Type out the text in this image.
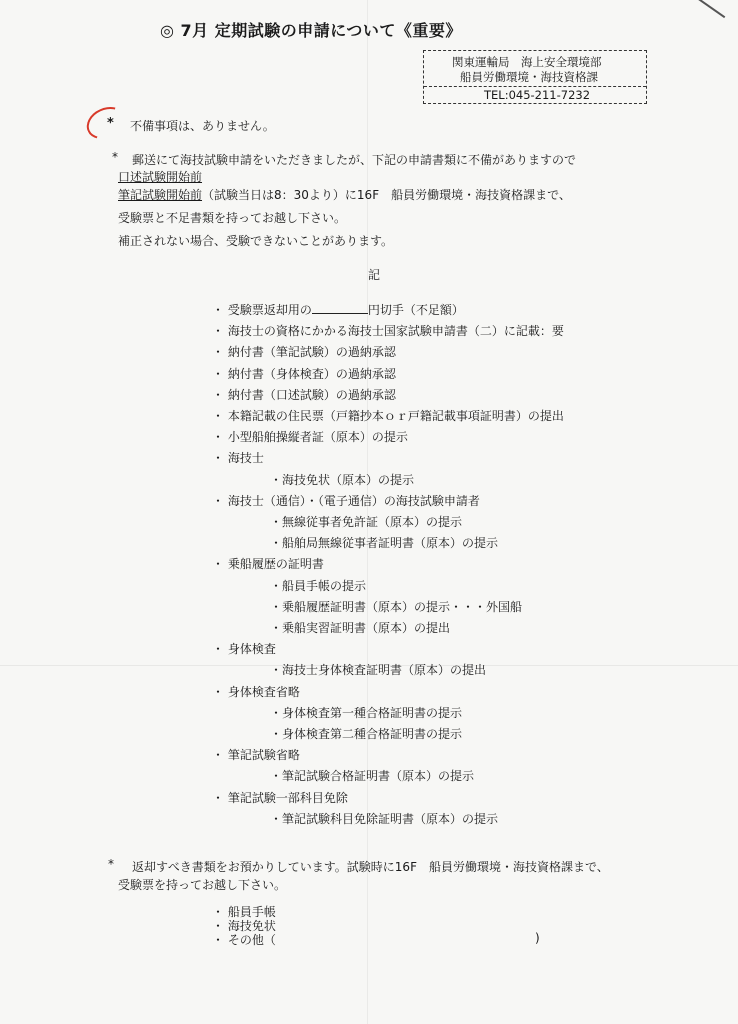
◎ 7月 定期試験の申請について《重要》
関東運輸局　海上安全環境部
船員労働環境・海技資格課
TEL:045-211-7232
* 不備事項は、ありません。
* 郵送にて海技試験申請をいただきましたが、下記の申請書類に不備がありますので
口述試験開始前
筆記試験開始前（試験当日は8：30より）に16F　船員労働環境・海技資格課まで、
受験票と不足書類を持ってお越し下さい。
補正されない場合、受験できないことがあります。
記
・ 受験票返却用の	円切手（不足額）
・ 海技士の資格にかかる海技士国家試験申請書（二）に記載：要
・ 納付書（筆記試験）の過納承認
・ 納付書（身体検査）の過納承認
・ 納付書（口述試験）の過納承認
・ 本籍記載の住民票（戸籍抄本ｏｒ戸籍記載事項証明書）の提出
・ 小型船舶操縦者証（原本）の提示
・ 海技士
・海技免状（原本）の提示
・ 海技士（通信）・（電子通信）の海技試験申請者
・無線従事者免許証（原本）の提示
・船舶局無線従事者証明書（原本）の提示
・ 乗船履歴の証明書
・船員手帳の提示
・乗船履歴証明書（原本）の提示・・・外国船
・乗船実習証明書（原本）の提出
・ 身体検査
・海技士身体検査証明書（原本）の提出
・ 身体検査省略
・身体検査第一種合格証明書の提示
・身体検査第二種合格証明書の提示
・ 筆記試験省略
・筆記試験合格証明書（原本）の提示
・ 筆記試験一部科目免除
・筆記試験科目免除証明書（原本）の提示
* 返却すべき書類をお預かりしています。試験時に16F　船員労働環境・海技資格課まで、
受験票を持ってお越し下さい。
・ 船員手帳
・ 海技免状
・ その他（	)
